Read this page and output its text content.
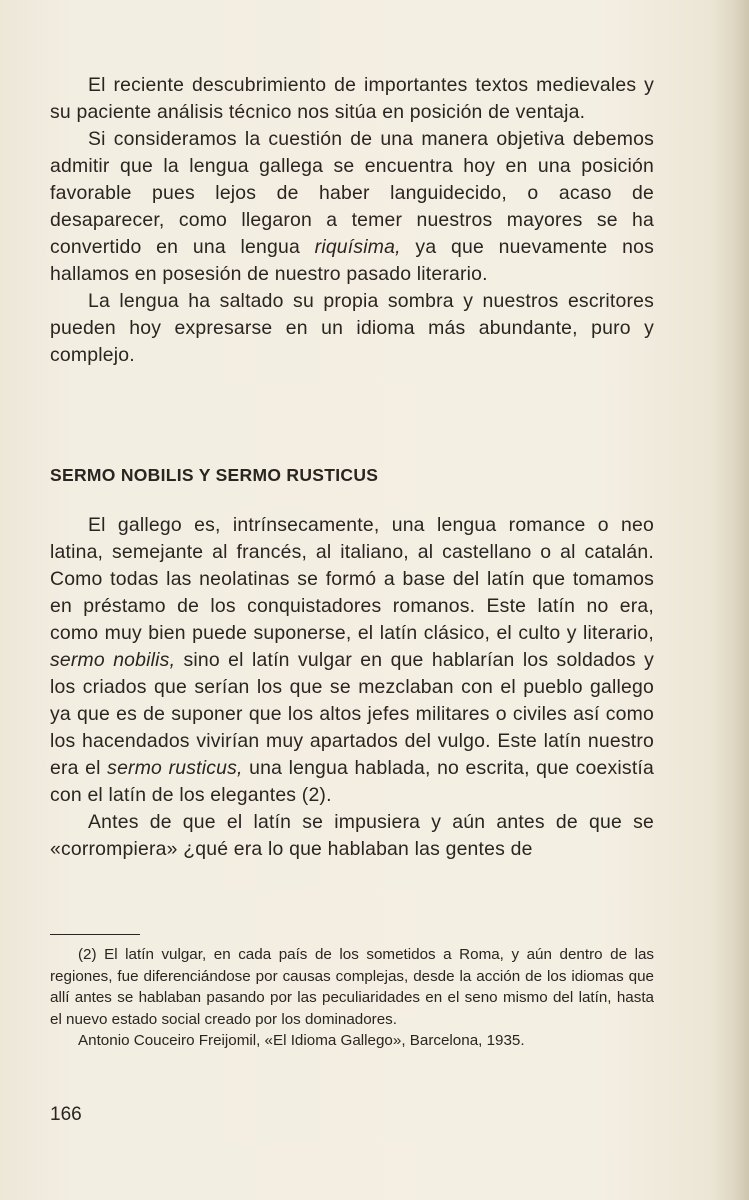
El reciente descubrimiento de importantes textos medievales y su paciente análisis técnico nos sitúa en posición de ventaja.

Si consideramos la cuestión de una manera objetiva debemos admitir que la lengua gallega se encuentra hoy en una posición favorable pues lejos de haber languidecido, o acaso de desaparecer, como llegaron a temer nuestros mayores se ha convertido en una lengua riquísima, ya que nuevamente nos hallamos en posesión de nuestro pasado literario.

La lengua ha saltado su propia sombra y nuestros escritores pueden hoy expresarse en un idioma más abundante, puro y complejo.

SERMO NOBILIS Y SERMO RUSTICUS

El gallego es, intrínsecamente, una lengua romance o neo latina, semejante al francés, al italiano, al castellano o al catalán. Como todas las neolatinas se formó a base del latín que tomamos en préstamo de los conquistadores romanos. Este latín no era, como muy bien puede suponerse, el latín clásico, el culto y literario, sermo nobilis, sino el latín vulgar en que hablarían los soldados y los criados que serían los que se mezclaban con el pueblo gallego ya que es de suponer que los altos jefes militares o civiles así como los hacendados vivirían muy apartados del vulgo. Este latín nuestro era el sermo rusticus, una lengua hablada, no escrita, que coexistía con el latín de los elegantes (2).

Antes de que el latín se impusiera y aún antes de que se «corrompiera» ¿qué era lo que hablaban las gentes de

(2) El latín vulgar, en cada país de los sometidos a Roma, y aún dentro de las regiones, fue diferenciándose por causas complejas, desde la acción de los idiomas que allí antes se hablaban pasando por las peculiaridades en el seno mismo del latín, hasta el nuevo estado social creado por los dominadores.

Antonio Couceiro Freijomil, «El Idioma Gallego», Barcelona, 1935.

166
